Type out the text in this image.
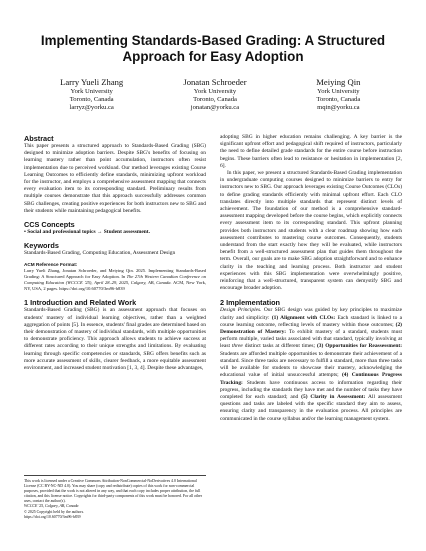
Implementing Standards-Based Grading: A Structured Approach for Easy Adoption
Larry Yueli Zhang
York University
Toronto, Canada
larryz@yorku.ca
Jonatan Schroeder
York University
Toronto, Canada
jonatan@yorku.ca
Meiying Qin
York University
Toronto, Canada
mqin@yorku.ca
Abstract

This paper presents a structured approach to Standards-Based Grading (SBG) designed to minimize adoption barriers. Despite SBG's benefits of focusing on learning mastery rather than point accumulation, instructors often resist implementation due to perceived workload. Our method leverages existing Course Learning Outcomes to efficiently define standards, minimizing upfront workload for the instructor, and employs a comprehensive assessment mapping that connects every evaluation item to its corresponding standard. Preliminary results from multiple courses demonstrate that this approach successfully addresses common SBG challenges, creating positive experiences for both instructors new to SBG and their students while maintaining pedagogical benefits.

CCS Concepts

• Social and professional topics → Student assessment.

Keywords

Standards-Based Grading, Computing Education, Assessment Design

ACM Reference Format:

Larry Yueli Zhang, Jonatan Schroeder, and Meiying Qin. 2025. Implementing Standards-Based Grading: A Structured Approach for Easy Adoption. In The 27th Western Canadian Conference on Computing Education (WCCCE '25), April 28–29, 2025, Calgary, AB, Canada. ACM, New York, NY, USA, 2 pages. https://doi.org/10.60770/3m96-h839

1 Introduction and Related Work

Standards-Based Grading (SBG) is an assessment approach that focuses on students' mastery of individual learning objectives, rather than a weighted aggregation of points [5]. In essence, students' final grades are determined based on their demonstration of mastery of individual standards, with multiple opportunities to demonstrate proficiency. This approach allows students to achieve success at different rates according to their unique strengths and limitations. By evaluating learning through specific competencies or standards, SBG offers benefits such as more accurate assessment of skills, clearer feedback, a more equitable assessment environment, and increased student motivation [1, 3, 4]. Despite these advantages,

This work is licensed under a Creative Commons Attribution-NonCommercial-NoDerivatives 4.0 International License (CC BY-NC-ND 4.0). You may share (copy and redistribute) copies of this work for non-commercial purposes, provided that the work is not altered in any way, and that each copy includes proper attribution, the full citation, and this license notice. Copyrights for third-party components of this work must be honored. For all other uses, contact the author(s).

WCCCE '25, Calgary, AB, Canada

© 2025 Copyright held by the authors.

https://doi.org/10.60770/3m96-h839

adopting SBG in higher education remains challenging. A key barrier is the significant upfront effort and pedagogical shift required of instructors, particularly the need to define detailed grade standards for the entire course before instruction begins. These barriers often lead to resistance or hesitation in implementation [2, 6].

In this paper, we present a structured Standards-Based Grading implementation in undergraduate computing courses designed to minimize barriers to entry for instructors new to SBG. Our approach leverages existing Course Outcomes (CLOs) to define grading standards efficiently with minimal upfront effort. Each CLO translates directly into multiple standards that represent distinct levels of achievement. The foundation of our method is a comprehensive standard-assessment mapping developed before the course begins, which explicitly connects every assessment item to its corresponding standard. This upfront planning provides both instructors and students with a clear roadmap showing how each assessment contributes to mastering course outcomes. Consequently, students understand from the start exactly how they will be evaluated, while instructors benefit from a well-structured assessment plan that guides them throughout the term. Overall, our goals are to make SBG adoption straightforward and to enhance clarity in the teaching and learning process. Both instructor and student experiences with this SBG implementation were overwhelmingly positive, reinforcing that a well-structured, transparent system can demystify SBG and encourage broader adoption.

2 Implementation

Design Principles. Our SBG design was guided by key principles to maximize clarity and simplicity: (1) Alignment with CLOs: Each standard is linked to a course learning outcome, reflecting levels of mastery within those outcomes; (2) Demonstration of Mastery: To exhibit mastery of a standard, students must perform multiple, varied tasks associated with that standard, typically involving at least three distinct tasks at different times; (3) Opportunities for Reassessment: Students are afforded multiple opportunities to demonstrate their achievement of a standard. Since three tasks are necessary to fulfill a standard, more than three tasks will be available for students to showcase their mastery, acknowledging the educational value of initial unsuccessful attempts; (4) Continuous Progress Tracking: Students have continuous access to information regarding their progress, including the standards they have met and the number of tasks they have completed for each standard; and (5) Clarity in Assessment: All assessment questions and tasks are labeled with the specific standard they aim to assess, ensuring clarity and transparency in the evaluation process. All principles are communicated in the course syllabus and/or the learning management system.
